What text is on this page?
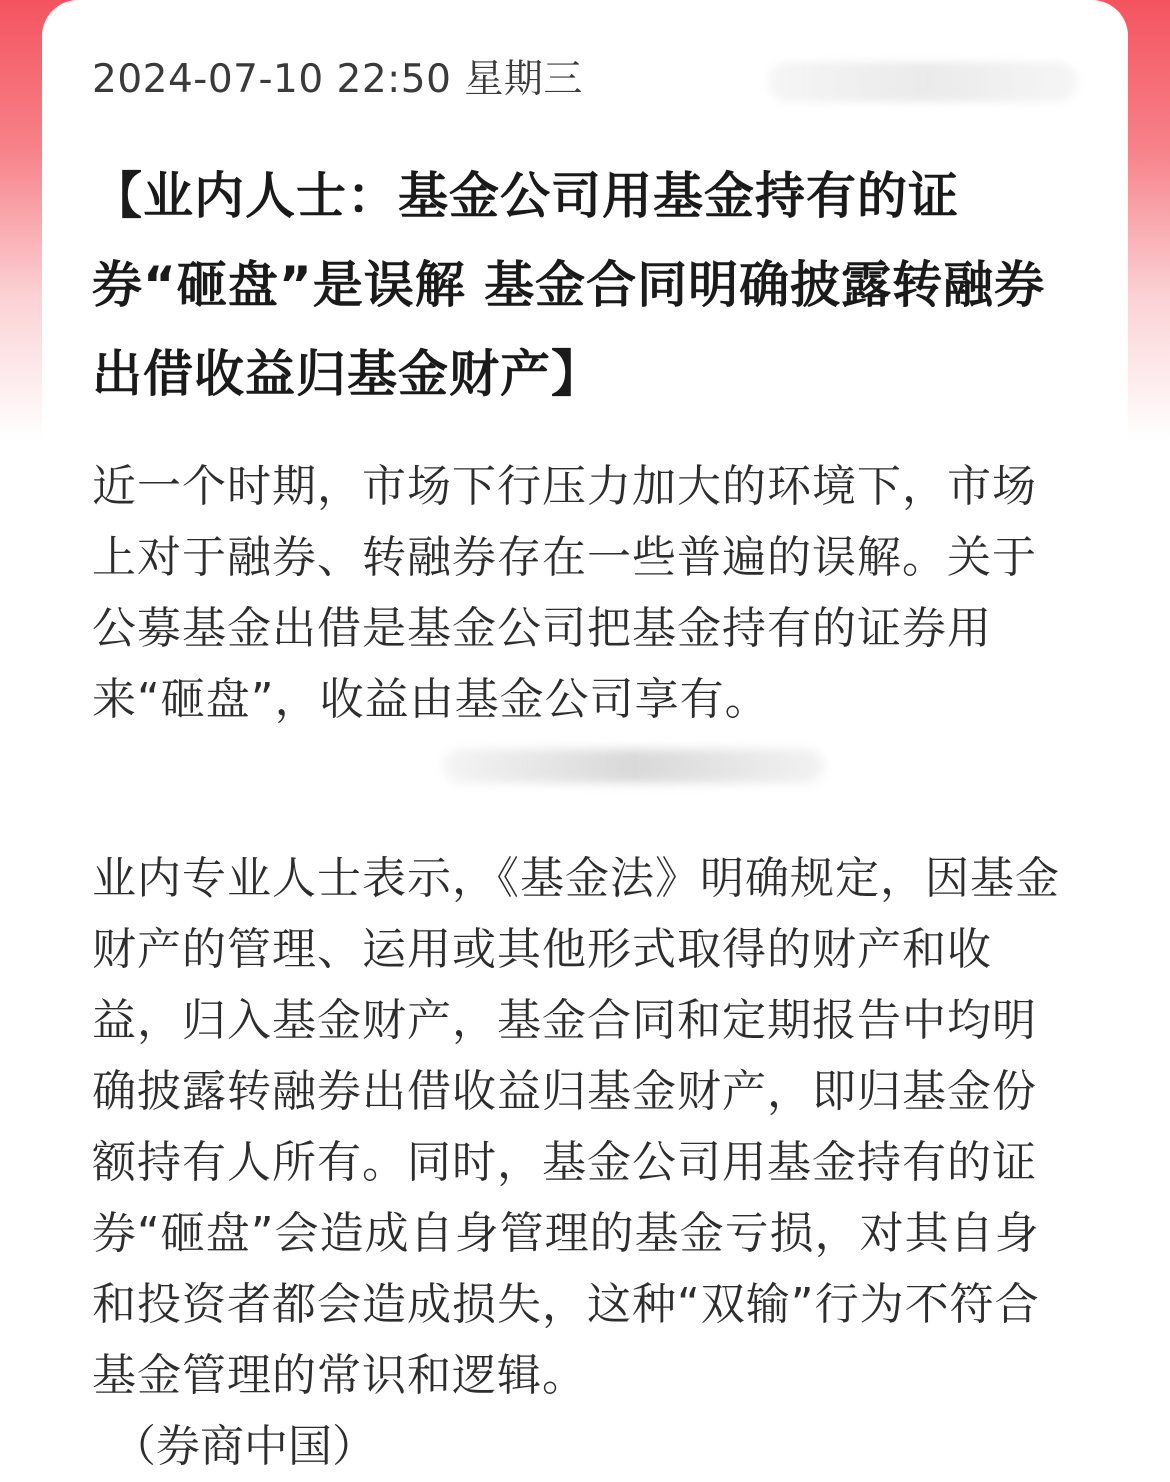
2024-07-10 22:50 星期三
【业内人士：基金公司用基金持有的证券“砸盘”是误解 基金合同明确披露转融券出借收益归基金财产】

近一个时期，市场下行压力加大的环境下，市场上对于融券、转融券存在一些普遍的误解。关于公募基金出借是基金公司把基金持有的证券用来“砸盘”，收益由基金公司享有。

业内专业人士表示，《基金法》明确规定，因基金财产的管理、运用或其他形式取得的财产和收益，归入基金财产，基金合同和定期报告中均明确披露转融券出借收益归基金财产，即归基金份额持有人所有。同时，基金公司用基金持有的证券“砸盘”会造成自身管理的基金亏损，对其自身和投资者都会造成损失，这种“双输”行为不符合基金管理的常识和逻辑。

（券商中国）
